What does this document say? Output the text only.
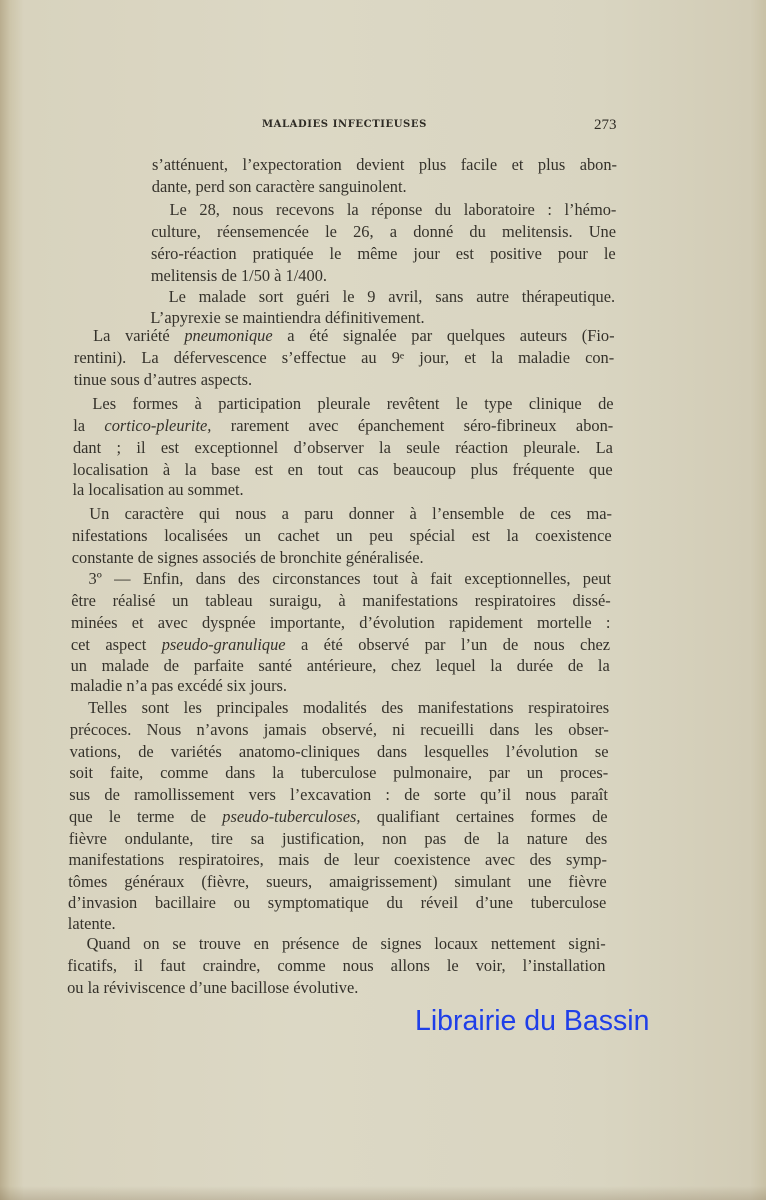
MALADIES INFECTIEUSES	273
s’atténuent, l’expectoration devient plus facile et plus abon-
dante, perd son caractère sanguinolent.
Le 28, nous recevons la réponse du laboratoire : l’hémo-
culture, réensemencée le 26, a donné du melitensis. Une
séro-réaction pratiquée le même jour est positive pour le
melitensis de 1/50 à 1/400.
Le malade sort guéri le 9 avril, sans autre thérapeutique.
L’apyrexie se maintiendra définitivement.
La variété pneumonique a été signalée par quelques auteurs (Fio-
rentini). La défervescence s’effectue au 9ᵉ jour, et la maladie con-
tinue sous d’autres aspects.
Les formes à participation pleurale revêtent le type clinique de
la cortico-pleurite, rarement avec épanchement séro-fibrineux abon-
dant ; il est exceptionnel d’observer la seule réaction pleurale. La
localisation à la base est en tout cas beaucoup plus fréquente que
la localisation au sommet.
Un caractère qui nous a paru donner à l’ensemble de ces ma-
nifestations localisées un cachet un peu spécial est la coexistence
constante de signes associés de bronchite généralisée.
3º — Enfin, dans des circonstances tout à fait exceptionnelles, peut
être réalisé un tableau suraigu, à manifestations respiratoires dissé-
minées et avec dyspnée importante, d’évolution rapidement mortelle :
cet aspect pseudo-granulique a été observé par l’un de nous chez
un malade de parfaite santé antérieure, chez lequel la durée de la
maladie n’a pas excédé six jours.
Telles sont les principales modalités des manifestations respiratoires
précoces. Nous n’avons jamais observé, ni recueilli dans les obser-
vations, de variétés anatomo-cliniques dans lesquelles l’évolution se
soit faite, comme dans la tuberculose pulmonaire, par un proces-
sus de ramollissement vers l’excavation : de sorte qu’il nous paraît
que le terme de pseudo-tuberculoses, qualifiant certaines formes de
fièvre ondulante, tire sa justification, non pas de la nature des
manifestations respiratoires, mais de leur coexistence avec des symp-
tômes généraux (fièvre, sueurs, amaigrissement) simulant une fièvre
d’invasion bacillaire ou symptomatique du réveil d’une tuberculose
latente.
Quand on se trouve en présence de signes locaux nettement signi-
ficatifs, il faut craindre, comme nous allons le voir, l’installation
ou la réviviscence d’une bacillose évolutive.
Librairie du Bassin
